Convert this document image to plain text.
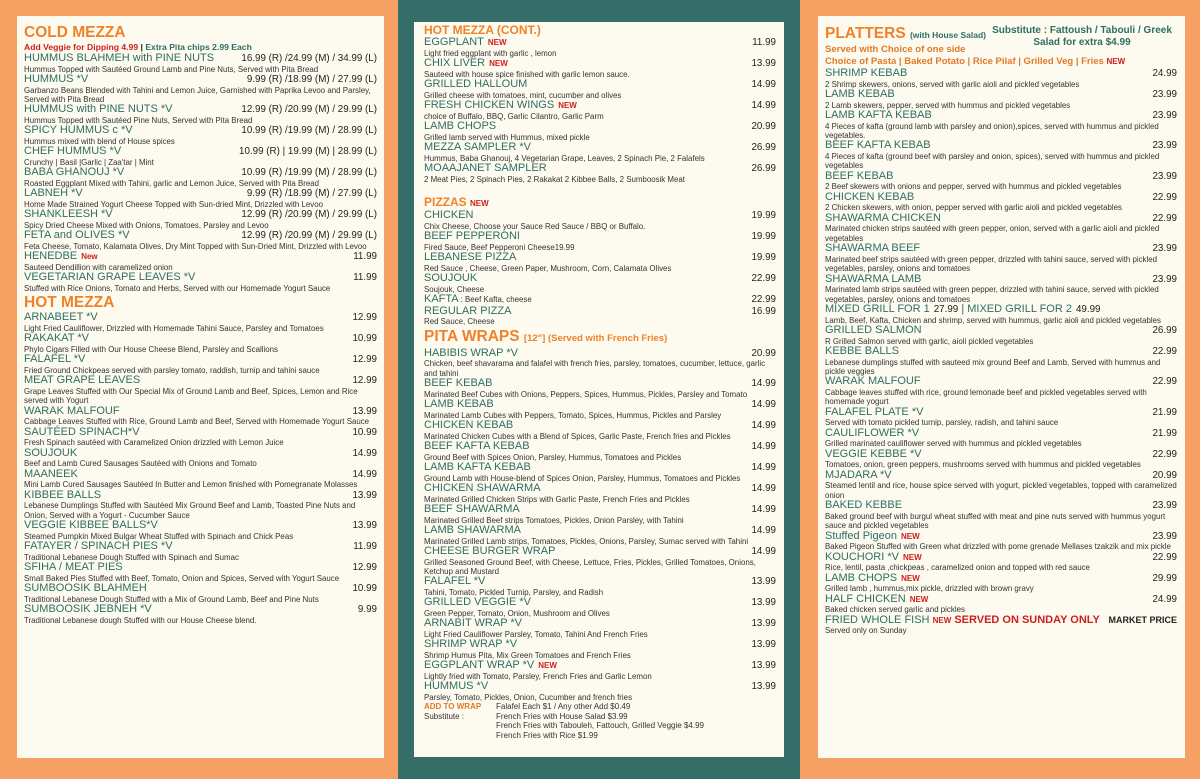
COLD MEZZA
Add Veggie for Dipping 4.99 | Extra Pita chips 2.99 Each
HUMMUS BLAHMEH with PINE NUTS	16.99 (R) /24.99 (M) / 34.99 (L)
Hummus Topped with Sautéed Ground Lamb and Pine Nuts, Served with Pita Bread
HUMMUS *V	9.99 (R) /18.99 (M) / 27.99 (L)
Garbanzo Beans Blended with Tahini and Lemon Juice, Garnished with Paprika Levoo and Parsley, Served with Pita Bread
HUMMUS with PINE NUTS *V	12.99 (R) /20.99 (M) / 29.99 (L)
Hummus Topped with Sautéed Pine Nuts, Served with Pita Bread
SPICY HUMMUS c *V	10.99 (R) /19.99 (M) / 28.99 (L)
Hummus mixed with blend of House spices
CHEF HUMMUS *V	10.99 (R) | 19.99 (M) | 28.99 (L)
Crunchy | Basil |Garlic | Zaa'tar | Mint
BABA GHANOUJ *V	10.99 (R) /19.99 (M) / 28.99 (L)
Roasted Eggplant Mixed with Tahini, garlic and Lemon Juice, Served with Pita Bread
LABNEH *V	9.99 (R) /18.99 (M) / 27.99 (L)
Home Made Strained Yogurt Cheese Topped with Sun-dried Mint, Drizzled with Levoo
SHANKLEESH *V	12.99 (R) /20.99 (M) / 29.99 (L)
Spicy Dried Cheese Mixed with Onions, Tomatoes, Parsley and Levoo
FETA and OLIVES *V	12.99 (R) /20.99 (M) / 29.99 (L)
Feta Cheese, Tomato, Kalamata Olives, Dry Mint Topped with Sun-Dried Mint, Drizzled with Levoo
HENEDBE New	11.99
Sauteed Dendillion with caramelized onion
VEGETARIAN GRAPE LEAVES *V	11.99
Stuffed with Rice Onions, Tomato and Herbs, Served with our Homemade Yogurt Sauce
HOT MEZZA
ARNABEET *V	12.99
Light Fried Cauliflower, Drizzled with Homemade Tahini Sauce, Parsley and Tomatoes
RAKAKAT *V	10.99
Phylo Cigars Filled with Our House Cheese Blend, Parsley and Scallions
FALAFEL *V	12.99
Fried Ground Chickpeas served with parsley tomato, raddish, turnip and tahini sauce
MEAT GRAPE LEAVES	12.99
Grape Leaves Stuffed with Our Special Mix of Ground Lamb and Beef, Spices, Lemon and Rice served with Yogurt
WARAK MALFOUF	13.99
Cabbage Leaves Stuffed with Rice, Ground Lamb and Beef, Served with Homemade Yogurt Sauce
SAUTÉED SPINACH*V	10.99
Fresh Spinach sautéed with Caramelized Onion drizzled with Lemon Juice
SOUJOUK	14.99
Beef and Lamb Cured Sausages Sautéed with Onions and Tomato
MAANEEK	14.99
Mini Lamb Cured Sausages Sautéed In Butter and Lemon finished with Pomegranate Molasses
KIBBEE BALLS	13.99
Lebanese Dumplings Stuffed with Sautéed Mix Ground Beef and Lamb, Toasted Pine Nuts and Onion, Served with a Yogurt - Cucumber Sauce
VEGGIE KIBBEE BALLS*V	13.99
Steamed Pumpkin Mixed Bulgar Wheat Stuffed with Spinach and Chick Peas
FATAYER / SPINACH PIES *V	11.99
Traditional Lebanese Dough Stuffed with Spinach and Sumac
SFIHA / MEAT PIES	12.99
Small Baked Pies Stuffed with Beef, Tomato, Onion and Spices, Served with Yogurt Sauce
SUMBOOSIK BLAHMEH	10.99
Traditional Lebanese Dough Stuffed with a Mix of Ground Lamb, Beef and Pine Nuts
SUMBOOSIK JEBNEH *V	9.99
Traditional Lebanese dough Stuffed with our House Cheese blend.
HOT MEZZA (CONT.)
EGGPLANT NEW	11.99
Light fried eggplant with garlic , lemon
CHIX LIVER NEW	13.99
Sauteed with house spice finished with garlic lemon sauce.
GRILLED HALLOUM	14.99
Grilled cheese with tomatoes, mint, cucumber and olives
FRESH CHICKEN WINGS NEW	14.99
choice of Buffalo, BBQ, Garlic Cilantro, Garlic Parm
LAMB CHOPS	20.99
Grilled lamb served with Hummus, mixed pickle
MEZZA SAMPLER *V	26.99
Hummus, Baba Ghanouj, 4 Vegetarian Grape, Leaves, 2 Spinach Pie, 2 Falafels
MOAAJANET SAMPLER	26.99
2 Meat Pies, 2 Spinach Pies, 2 Rakakat 2 Kibbee Balls, 2 Sumboosik Meat
PIZZAS NEW
CHICKEN	19.99
Chix Cheese, Choose your Sauce Red Sauce / BBQ or Buffalo.
BEEF PEPPERONI	19.99
Fired Sauce, Beef Pepperoni Cheese19.99
LEBANESE PIZZA	19.99
Red Sauce , Cheese, Green Paper, Mushroom, Corn, Calamata Olives
SOUJOUK	22.99
Soujouk, Cheese
KAFTA : Beef Kafta, cheese	22.99
REGULAR PIZZA	16.99
Red Sauce, Cheese
PITA WRAPS [12"] (Served with French Fries)
HABIBIS WRAP *V	20.99
Chicken, beef shavarama and falafel with french fries, parsley, tomatoes, cucumber, lettuce, garlic and tahini
BEEF KEBAB	14.99
Marinated Beef Cubes with Onions, Peppers, Spices, Hummus, Pickles, Parsley and Tomato
LAMB KEBAB	14.99
Marinated Lamb Cubes with Peppers, Tomato, Spices, Hummus, Pickles and Parsley
CHICKEN KEBAB	14.99
Marinated Chicken Cubes with a Blend of Spices, Garlic Paste, French fries and Pickles
BEEF KAFTA KEBAB	14.99
Ground Beef with Spices Onion, Parsley, Hummus, Tomatoes and Pickles
LAMB KAFTA KEBAB	14.99
Ground Lamb with House-blend of Spices Onion, Parsley, Hummus, Tomatoes and Pickles
CHICKEN SHAWARMA	14.99
Marinated Grilled Chicken Strips with Garlic Paste, French Fries and Pickles
BEEF SHAWARMA	14.99
Marinated Grilled Beef strips Tomatoes, Pickles, Onion Parsley, with Tahini
LAMB SHAWARMA	14.99
Marinated Grilled Lamb strips, Tomatoes, Pickles, Onions, Parsley, Sumac served with Tahini
CHEESE BURGER WRAP	14.99
Grilled Seasoned Ground Beef, with Cheese, Lettuce, Fries, Pickles, Grilled Tomatoes, Onions, Ketchup and Mustard
FALAFEL *V	13.99
Tahini, Tomato, Pickled Turnip, Parsley, and Radish
GRILLED VEGGIE *V	13.99
Green Pepper, Tomato, Onion, Mushroom and Olives
ARNABIT WRAP *V	13.99
Light Fried Cauliflower Parsley, Tomato, Tahini And French Fries
SHRIMP WRAP *V	13.99
Shrimp Humus Pita, Mix Green Tomatoes and French Fries
EGGPLANT WRAP *V NEW	13.99
Lightly fried with Tomato, Parsley, French Fries and Garlic Lemon
HUMMUS *V	13.99
Parsley, Tomato, Pickles, Onion, Cucumber and french fries
ADD TO WRAP	Falafel Each $1 / Any other Add $0.49
Substitute :	French Fries with House Salad $3.99
French Fries with Tabouleh, Fattouch, Grilled Veggie $4.99
French Fries with Rice $1.99
PLATTERS (with House Salad)
Served with Choice of one side
Substitute : Fattoush / Tabouli / Greek Salad for extra $4.99
Choice of Pasta | Baked Potato | Rice Pilaf | Grilled Veg | Fries NEW
SHRIMP KEBAB	24.99
2 Shrimp skewers, onions, served with garlic aioli and pickled vegetables
LAMB KEBAB	23.99
2 Lamb skewers, pepper, served with hummus and pickled vegetables
LAMB KAFTA KEBAB	23.99
4 Pieces of kafta (ground lamb with parsley and onion),spices, served with hummus and pickled vegetables.
BEEF KAFTA KEBAB	23.99
4 Pieces of kafta (ground beef with parsley and onion, spices), served with hummus and pickled vegetables
BEEF KEBAB	23.99
2 Beef skewers with onions and pepper, served with hummus and pickled vegetables
CHICKEN KEBAB	22.99
2 Chicken skewers, with onion, pepper served with garlic aioli and pickled vegetables
SHAWARMA CHICKEN	22.99
Marinated chicken strips sautéed with green pepper, onion, served with a garlic aioli and pickled vegetables
SHAWARMA BEEF	23.99
Marinated beef strips sautéed with green pepper, drizzled with tahini sauce, served with pickled vegetables, parsley, onions and tomatoes
SHAWARMA LAMB	23.99
Marinated lamb strips sautéed with green pepper, drizzled with tahini sauce, served with pickled vegetables, parsley, onions and tomatoes
MIXED GRILL FOR 1 27.99 | MIXED GRILL FOR 2 49.99
Lamb, Beef, Kafta, Chicken and shrimp, served with hummus, garlic aioli and pickled vegetables
GRILLED SALMON	26.99
R Grilled Salmon served with garlic, aioli pickled vegetables
KEBBE BALLS	22.99
Lebanese dumplings stuffed with sauteed mix ground Beef and Lamb, Served with hummus and pickle veggies
WARAK MALFOUF	22.99
Cabbage leaves stuffed with rice, ground lemonade beef and pickled vegetables served with homemade yogurt
FALAFEL PLATE *V	21.99
Served with tomato pickled turnip, parsley, radish, and tahini sauce
CAULIFLOWER *V	21.99
Grilled marinated cauliflower served with hummus and pickled vegetables
VEGGIE KEBBE *V	22.99
Tomatoes, onion, green peppers, mushrooms served with hummus and pickled vegetables
MJADARA *V	20.99
Steamed lentil and rice, house spice served with yogurt, pickled vegetables, topped with caramelized onion
BAKED KEBBE	23.99
Baked ground beef with burgul wheat stuffed with meat and pine nuts served with hummus yogurt sauce and pickled vegetables
Stuffed Pigeon NEW	23.99
Baked Pigeon Stuffed with Green what drizzled with pome grenade Mellases tzakzik and mix pickle
KOUCHORI *V NEW	22.99
Rice, lentil, pasta ,chickpeas , caramelized onion and topped with red sauce
LAMB CHOPS NEW	29.99
Grilled lamb , hummus,mix pickle, drizzled with brown gravy
HALF CHICKEN NEW	24.99
Baked chicken served garlic and pickles
FRIED WHOLE FISH NEW SERVED ON SUNDAY ONLY MARKET PRICE
Served only on Sunday
